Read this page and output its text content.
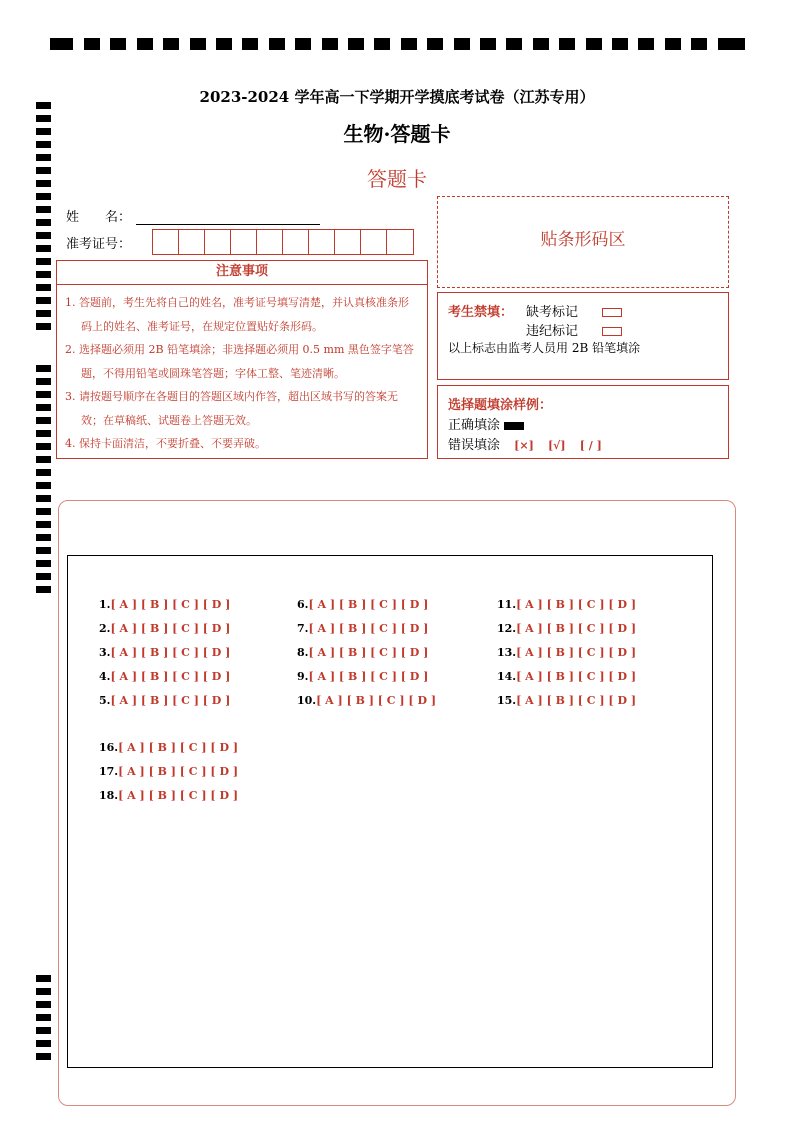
2023-2024 学年高一下学期开学摸底考试卷（江苏专用）
生物·答题卡
答题卡
姓　　名：
准考证号：
注意事项
1. 答题前，考生先将自己的姓名，准考证号填写清楚，并认真核准条形码上的姓名、准考证号，在规定位置贴好条形码。
2. 选择题必须用 2B 铅笔填涂；非选择题必须用 0.5 mm 黑色签字笔答题，不得用铅笔或圆珠笔答题；字体工整、笔迹清晰。
3. 请按题号顺序在各题目的答题区域内作答，超出区域书写的答案无效；在草稿纸、试题卷上答题无效。
4. 保持卡面清洁，不要折叠、不要弄破。
贴条形码区
考生禁填： 缺考标记
违纪标记
以上标志由监考人员用 2B 铅笔填涂
选择题填涂样例：
正确填涂
错误填涂 [×] [√] [ / ]
1.[ A ] [ B ] [ C ] [ D ]
2.[ A ] [ B ] [ C ] [ D ]
3.[ A ] [ B ] [ C ] [ D ]
4.[ A ] [ B ] [ C ] [ D ]
5.[ A ] [ B ] [ C ] [ D ]
6.[ A ] [ B ] [ C ] [ D ]
7.[ A ] [ B ] [ C ] [ D ]
8.[ A ] [ B ] [ C ] [ D ]
9.[ A ] [ B ] [ C ] [ D ]
10.[ A ] [ B ] [ C ] [ D ]
11.[ A ] [ B ] [ C ] [ D ]
12.[ A ] [ B ] [ C ] [ D ]
13.[ A ] [ B ] [ C ] [ D ]
14.[ A ] [ B ] [ C ] [ D ]
15.[ A ] [ B ] [ C ] [ D ]
16.[ A ] [ B ] [ C ] [ D ]
17.[ A ] [ B ] [ C ] [ D ]
18.[ A ] [ B ] [ C ] [ D ]
